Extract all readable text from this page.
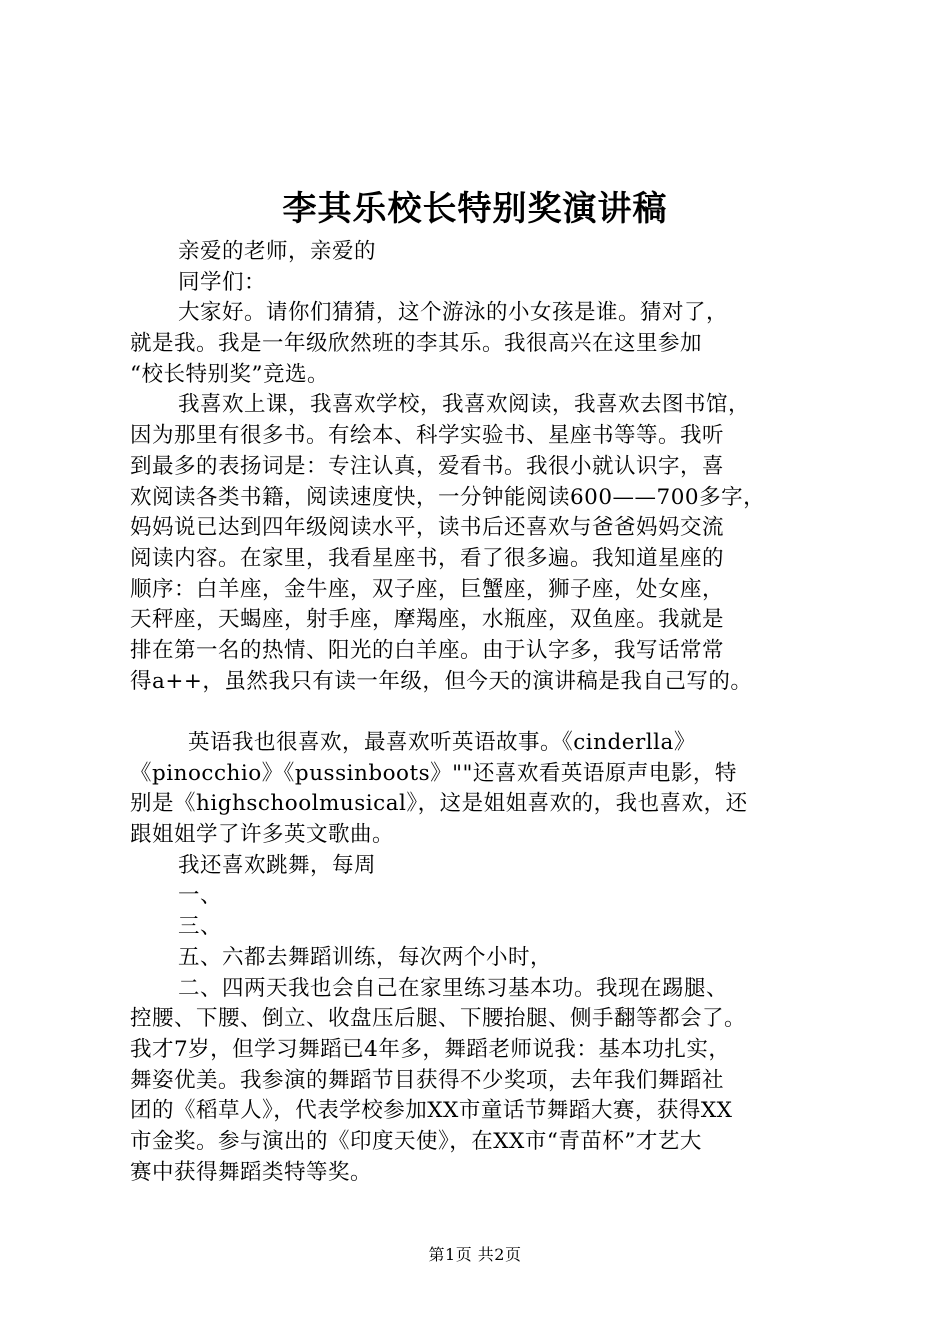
李其乐校长特别奖演讲稿
亲爱的老师，亲爱的
同学们：
大家好。请你们猜猜，这个游泳的小女孩是谁。猜对了，
就是我。我是一年级欣然班的李其乐。我很高兴在这里参加
“校长特别奖”竞选。
我喜欢上课，我喜欢学校，我喜欢阅读，我喜欢去图书馆，
因为那里有很多书。有绘本、科学实验书、星座书等等。我听
到最多的表扬词是：专注认真，爱看书。我很小就认识字，喜
欢阅读各类书籍，阅读速度快，一分钟能阅读600——700多字，
妈妈说已达到四年级阅读水平，读书后还喜欢与爸爸妈妈交流
阅读内容。在家里，我看星座书，看了很多遍。我知道星座的
顺序：白羊座，金牛座，双子座，巨蟹座，狮子座，处女座，
天秤座，天蝎座，射手座，摩羯座，水瓶座，双鱼座。我就是
排在第一名的热情、阳光的白羊座。由于认字多，我写话常常
得a++，虽然我只有读一年级，但今天的演讲稿是我自己写的。
英语我也很喜欢，最喜欢听英语故事。《cinderlla》
《pinocchio》《pussinboots》""还喜欢看英语原声电影，特
别是《highschoolmusical》，这是姐姐喜欢的，我也喜欢，还
跟姐姐学了许多英文歌曲。
我还喜欢跳舞，每周
一、
三、
五、六都去舞蹈训练，每次两个小时，
二、四两天我也会自己在家里练习基本功。我现在踢腿、
控腰、下腰、倒立、收盘压后腿、下腰抬腿、侧手翻等都会了。
我才7岁，但学习舞蹈已4年多，舞蹈老师说我：基本功扎实，
舞姿优美。我参演的舞蹈节目获得不少奖项，去年我们舞蹈社
团的《稻草人》，代表学校参加XX市童话节舞蹈大赛，获得XX
市金奖。参与演出的《印度天使》，在XX市“青苗杯”才艺大
赛中获得舞蹈类特等奖。
第1页 共2页
